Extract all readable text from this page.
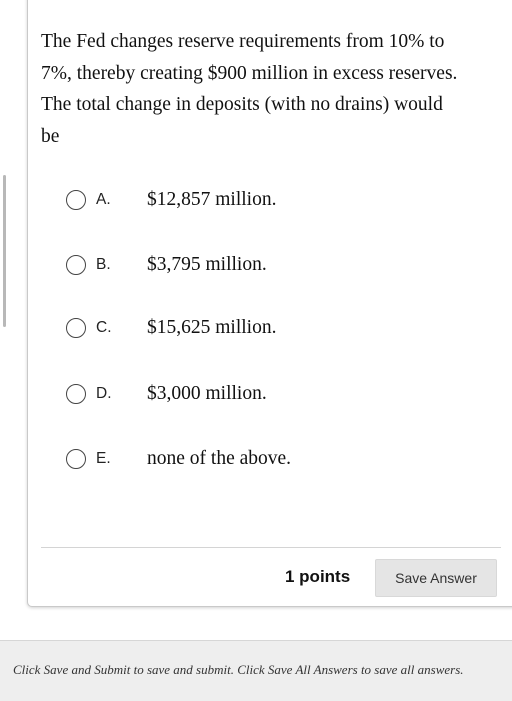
The Fed changes reserve requirements from 10% to 7%, thereby creating $900 million in excess reserves. The total change in deposits (with no drains) would be

A. $12,857 million.
B. $3,795 million.
C. $15,625 million.
D. $3,000 million.
E. none of the above.
1 points	Save Answer
Click Save and Submit to save and submit. Click Save All Answers to save all answers.
